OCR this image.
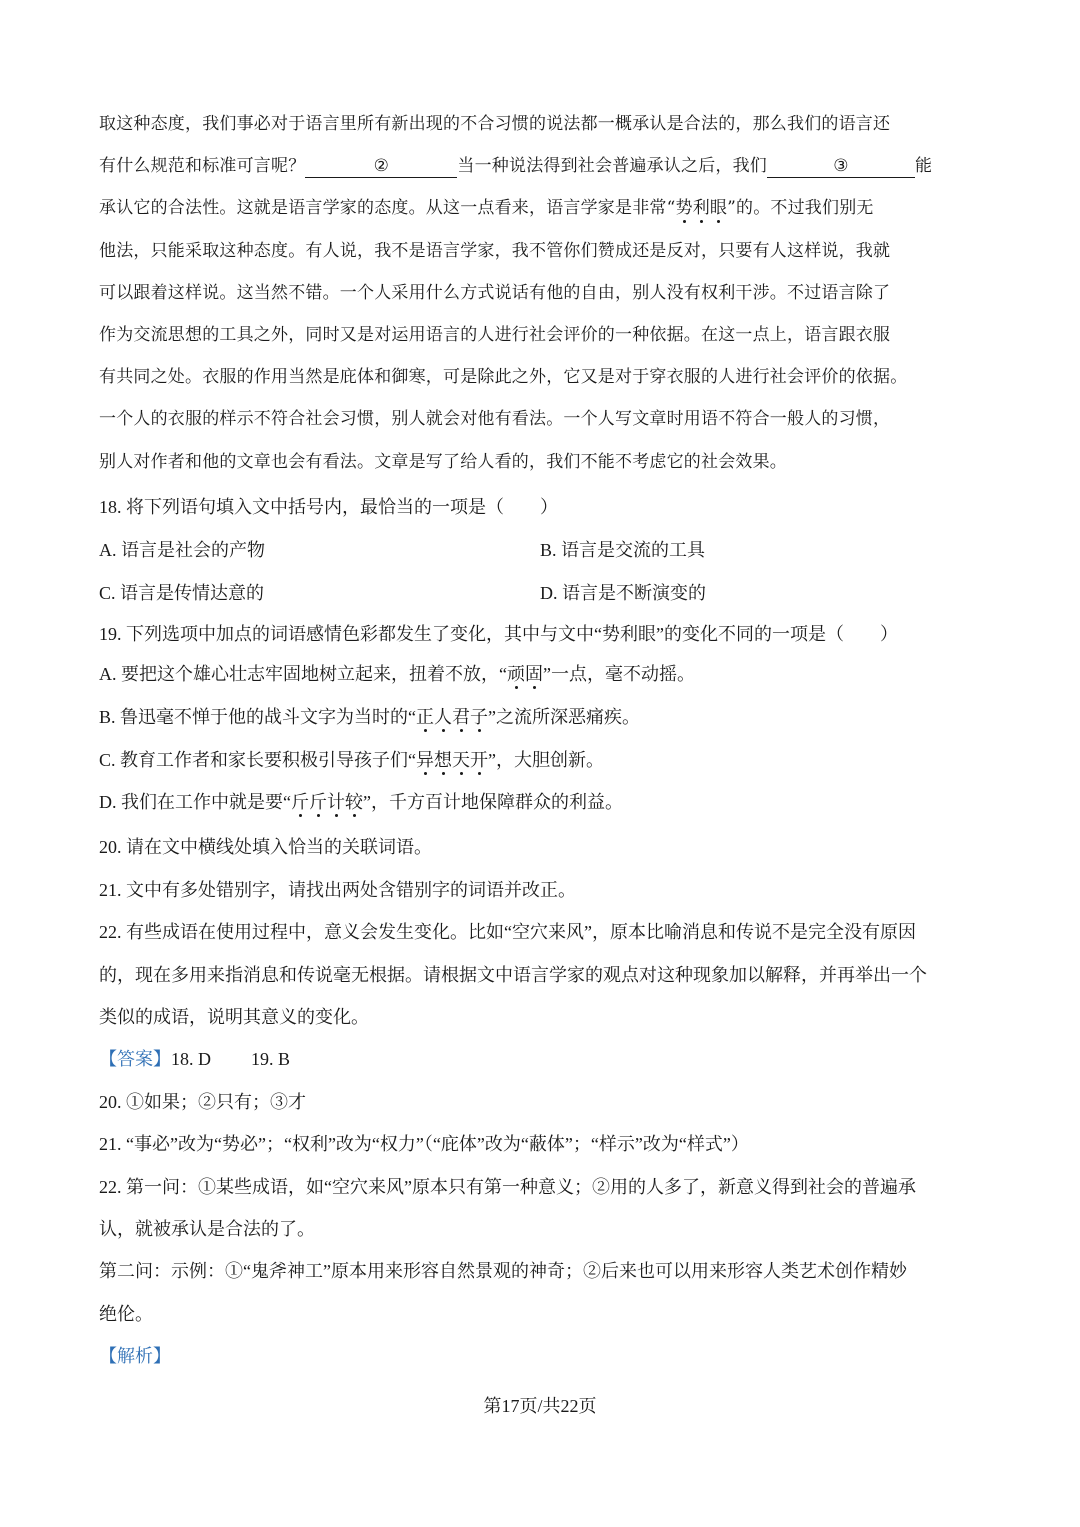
取这种态度，我们事必对于语言里所有新出现的不合习惯的说法都一概承认是合法的，那么我们的语言还
有什么规范和标准可言呢？	②	当一种说法得到社会普遍承认之后，我们	③	能
承认它的合法性。这就是语言学家的态度。从这一点看来，语言学家是非常“势利眼”的。不过我们别无
他法，只能采取这种态度。有人说，我不是语言学家，我不管你们赞成还是反对，只要有人这样说，我就
可以跟着这样说。这当然不错。一个人采用什么方式说话有他的自由，别人没有权利干涉。不过语言除了
作为交流思想的工具之外，同时又是对运用语言的人进行社会评价的一种依据。在这一点上，语言跟衣服
有共同之处。衣服的作用当然是庇体和御寒，可是除此之外，它又是对于穿衣服的人进行社会评价的依据。
一个人的衣服的样示不符合社会习惯，别人就会对他有看法。一个人写文章时用语不符合一般人的习惯，
别人对作者和他的文章也会有看法。文章是写了给人看的，我们不能不考虑它的社会效果。
18. 将下列语句填入文中括号内，最恰当的一项是（　　）
A. 语言是社会的产物	B. 语言是交流的工具
C. 语言是传情达意的	D. 语言是不断演变的
19. 下列选项中加点的词语感情色彩都发生了变化，其中与文中“势利眼”的变化不同的一项是（　　）
A. 要把这个雄心壮志牢固地树立起来，扭着不放，“顽固”一点，毫不动摇。
B. 鲁迅毫不惮于他的战斗文字为当时的“正人君子”之流所深恶痛疾。
C. 教育工作者和家长要积极引导孩子们“异想天开”，大胆创新。
D. 我们在工作中就是要“斤斤计较”，千方百计地保障群众的利益。
20. 请在文中横线处填入恰当的关联词语。
21. 文中有多处错别字，请找出两处含错别字的词语并改正。
22. 有些成语在使用过程中，意义会发生变化。比如“空穴来风”，原本比喻消息和传说不是完全没有原因
的，现在多用来指消息和传说毫无根据。请根据文中语言学家的观点对这种现象加以解释，并再举出一个
类似的成语，说明其意义的变化。
【答案】18. D 19. B
20. ①如果；②只有；③才
21. “事必”改为“势必”；“权利”改为“权力”（“庇体”改为“蔽体”；“样示”改为“样式”）
22. 第一问：①某些成语，如“空穴来风”原本只有第一种意义；②用的人多了，新意义得到社会的普遍承
认，就被承认是合法的了。
第二问：示例：①“鬼斧神工”原本用来形容自然景观的神奇；②后来也可以用来形容人类艺术创作精妙
绝伦。
【解析】
第17页/共22页
